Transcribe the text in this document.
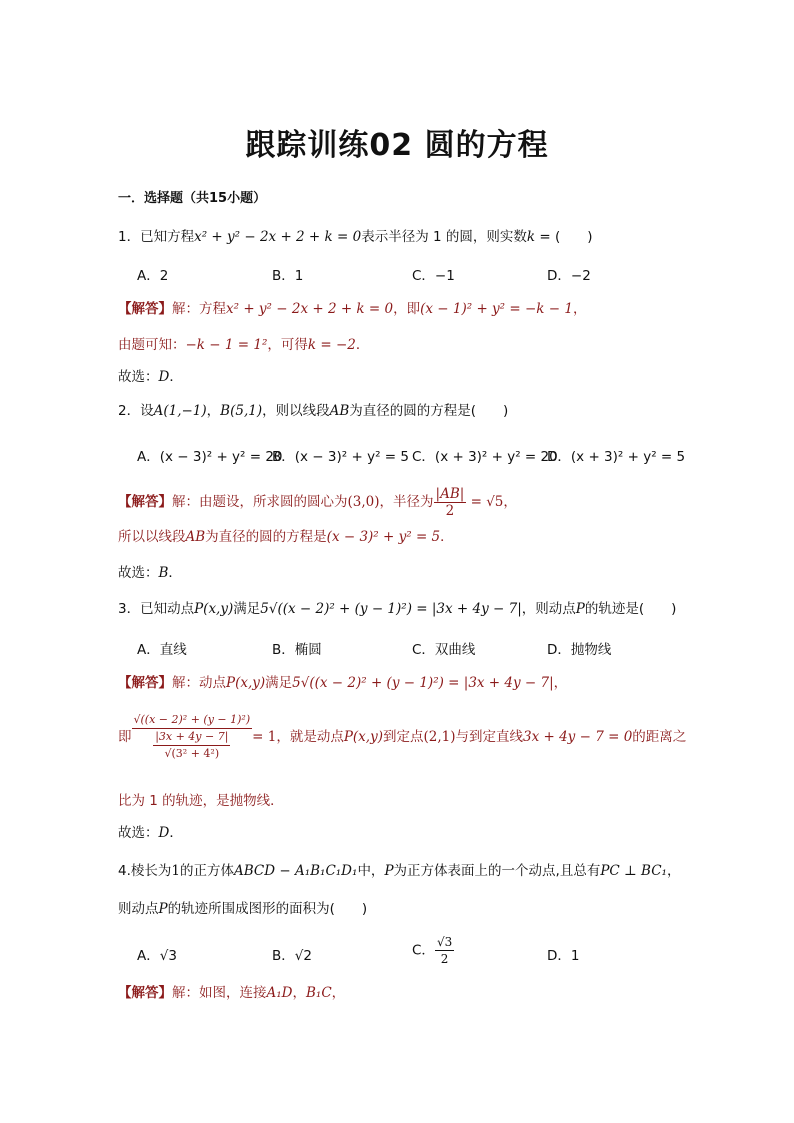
跟踪训练02 圆的方程
一．选择题（共15小题）
1．已知方程x² + y² − 2x + 2 + k = 0表示半径为 1 的圆，则实数k = (　　)
A．2	B．1	C．−1	D．−2
【解答】解：方程x² + y² − 2x + 2 + k = 0，即(x − 1)² + y² = −k − 1，
由题可知：−k − 1 = 1²，可得k = −2．
故选：D．
2．设A(1,−1)，B(5,1)，则以线段AB为直径的圆的方程是(　　)
A．(x − 3)² + y² = 20
B．(x − 3)² + y² = 5 C．(x + 3)² + y² = 20
D．(x + 3)² + y² = 5
【解答】解：由题设，所求圆的圆心为(3,0)，半径为 $\frac{|AB|}{2} = √5$，
所以以线段AB为直径的圆的方程是(x − 3)² + y² = 5．
故选：B．
3．已知动点P(x,y)满足5√((x − 2)² + (y − 1)²) = |3x + 4y − 7|，则动点P的轨迹是(　　)
A．直线	B．椭圆	C．双曲线	D．抛物线
【解答】解：动点P(x,y)满足5√((x − 2)² + (y − 1)²) = |3x + 4y − 7|，
即 $\frac{\text{√((x − 2)² + (y − 1)²)}}{\frac{|3x + 4y - 7|}{\text{√(3² + 4²)}}} = 1$，就是动点P(x,y)到定点(2,1)与到定直线3x + 4y − 7 = 0的距离之
比为 1 的轨迹，是抛物线．
故选：D．
4.棱长为1的正方体ABCD − A₁B₁C₁D₁中，P为正方体表面上的一个动点,且总有PC ⊥ BC₁，
则动点P的轨迹所围成图形的面积为(　　)
A．√3	B．√2	C． $\frac{√3}{2}$	D．1
【解答】解：如图，连接A₁D，B₁C，
